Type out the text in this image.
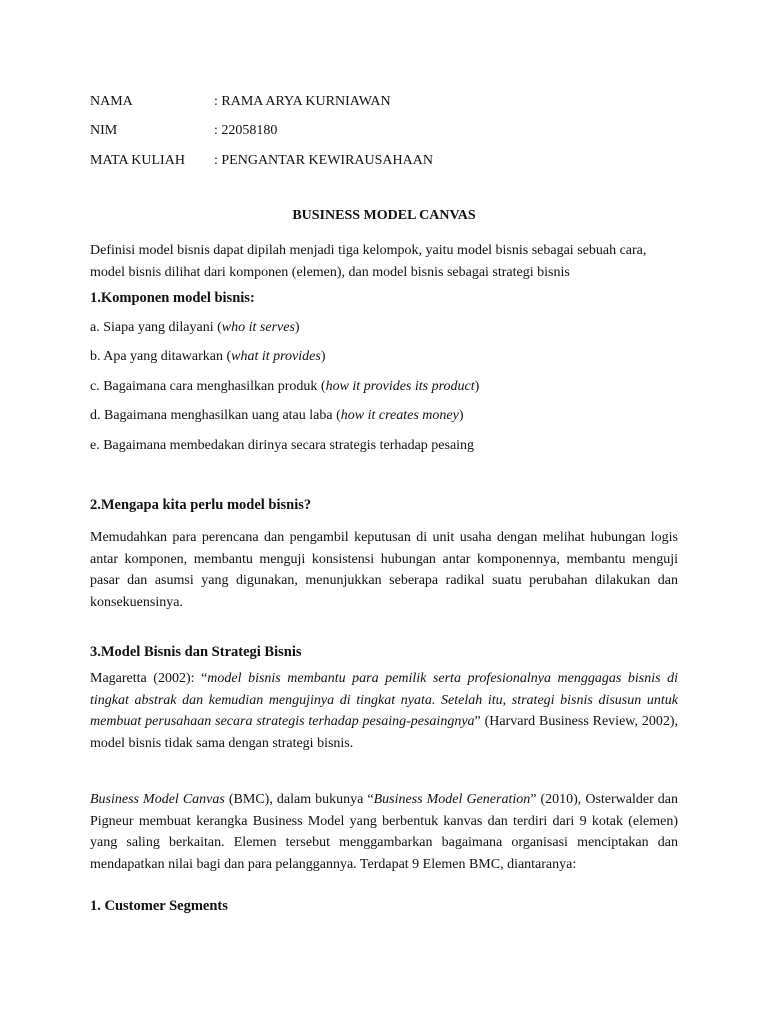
NAMA	: RAMA ARYA KURNIAWAN
NIM	: 22058180
MATA KULIAH : PENGANTAR KEWIRAUSAHAAN
BUSINESS MODEL CANVAS
Definisi model bisnis dapat dipilah menjadi tiga kelompok, yaitu model bisnis sebagai sebuah cara, model bisnis dilihat dari komponen (elemen), dan model bisnis sebagai strategi bisnis
1.Komponen model bisnis:
a. Siapa yang dilayani (who it serves)
b. Apa yang ditawarkan (what it provides)
c. Bagaimana cara menghasilkan produk (how it provides its product)
d. Bagaimana menghasilkan uang atau laba (how it creates money)
e. Bagaimana membedakan dirinya secara strategis terhadap pesaing
2.Mengapa kita perlu model bisnis?
Memudahkan para perencana dan pengambil keputusan di unit usaha dengan melihat hubungan logis antar komponen, membantu menguji konsistensi hubungan antar komponennya, membantu menguji pasar dan asumsi yang digunakan, menunjukkan seberapa radikal suatu perubahan dilakukan dan konsekuensinya.
3.Model Bisnis dan Strategi Bisnis
Magaretta (2002): “model bisnis membantu para pemilik serta profesionalnya menggagas bisnis di tingkat abstrak dan kemudian mengujinya di tingkat nyata. Setelah itu, strategi bisnis disusun untuk membuat perusahaan secara strategis terhadap pesaing-pesaingnya” (Harvard Business Review, 2002), model bisnis tidak sama dengan strategi bisnis.
Business Model Canvas (BMC), dalam bukunya “Business Model Generation” (2010), Osterwalder dan Pigneur membuat kerangka Business Model yang berbentuk kanvas dan terdiri dari 9 kotak (elemen) yang saling berkaitan. Elemen tersebut menggambarkan bagaimana organisasi menciptakan dan mendapatkan nilai bagi dan para pelanggannya. Terdapat 9 Elemen BMC, diantaranya:
1. Customer Segments
